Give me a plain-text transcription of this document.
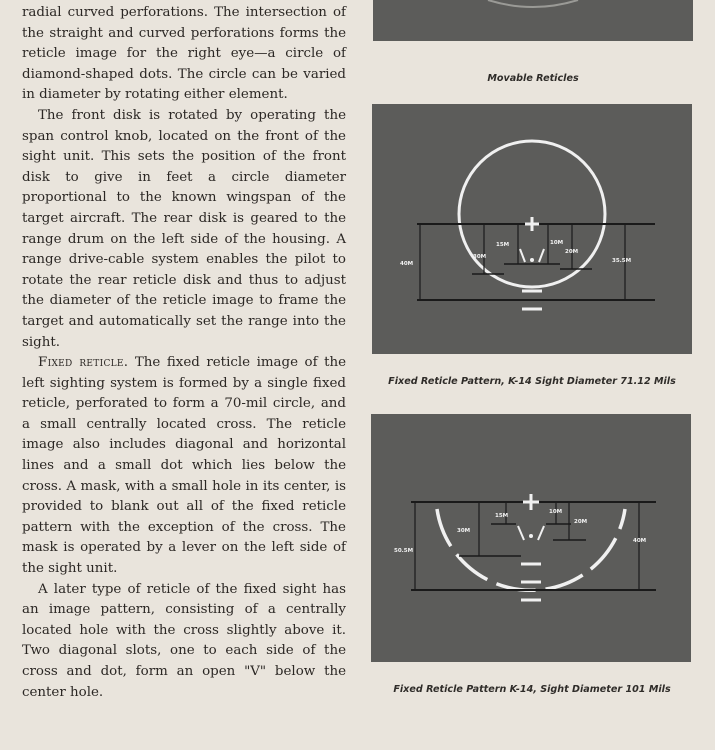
radial curved perforations. The intersection of the straight and curved perforations forms the reticle image for the right eye—a circle of diamond-shaped dots. The circle can be varied in diameter by rotating either element.

The front disk is rotated by operating the span control knob, located on the front of the sight unit. This sets the position of the front disk to give in feet a circle diameter proportional to the known wingspan of the target aircraft. The rear disk is geared to the range drum on the left side of the housing. A range drive-cable system enables the pilot to rotate the rear reticle disk and thus to adjust the diameter of the reticle image to frame the target and automatically set the range into the sight.

Fixed reticle. The fixed reticle image of the left sighting system is formed by a single fixed reticle, perforated to form a 70-mil circle, and a small centrally located cross. The reticle image also includes diagonal and horizontal lines and a small dot which lies below the cross. A mask, with a small hole in its center, is provided to blank out all of the fixed reticle pattern with the exception of the cross. The mask is operated by a lever on the left side of the sight unit.

A later type of reticle of the fixed sight has an image pattern, consisting of a centrally located hole with the cross slightly above it. Two diagonal slots, one to each side of the cross and dot, form an open "V" below the center hole.

Movable Reticles
40M
30M
15M	10M
20M
35.5M
Fixed Reticle Pattern, K-14 Sight Diameter 71.12 Mils
50.5M
30M
15M
10M
20M
40M
Fixed Reticle Pattern K-14, Sight Diameter 101 Mils
